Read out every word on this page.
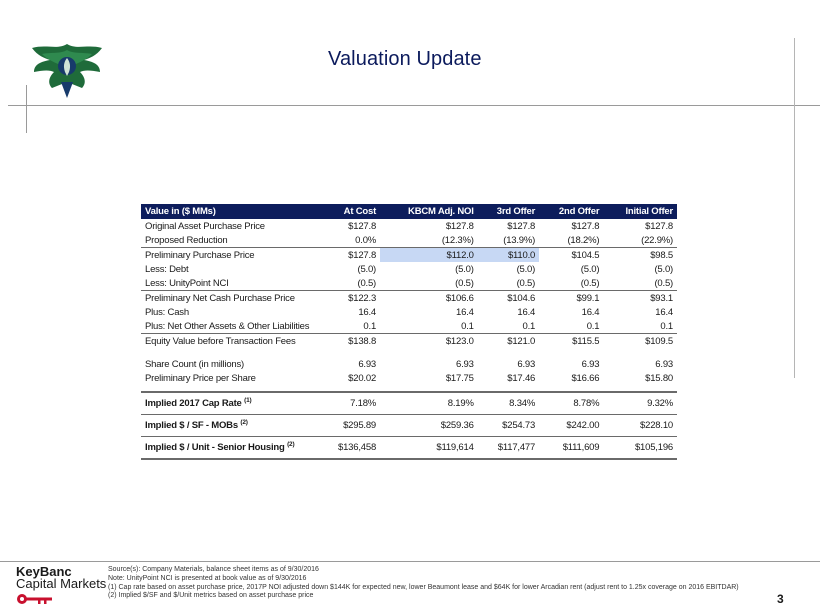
Valuation Update
Value in ($ MMs)	At Cost	KBCM Adj. NOI	3rd Offer	2nd Offer	Initial Offer
Original Asset Purchase Price	$127.8	$127.8	$127.8	$127.8	$127.8
Proposed Reduction	0.0%	(12.3%)	(13.9%)	(18.2%)	(22.9%)
Preliminary Purchase Price	$127.8	$112.0	$110.0	$104.5	$98.5
Less: Debt	(5.0)	(5.0)	(5.0)	(5.0)	(5.0)
Less: UnityPoint NCI	(0.5)	(0.5)	(0.5)	(0.5)	(0.5)
Preliminary Net Cash Purchase Price	$122.3	$106.6	$104.6	$99.1	$93.1
Plus: Cash	16.4	16.4	16.4	16.4	16.4
Plus: Net Other Assets & Other Liabilities	0.1	0.1	0.1	0.1	0.1
Equity Value before Transaction Fees	$138.8	$123.0	$121.0	$115.5	$109.5

Share Count (in millions)	6.93	6.93	6.93	6.93	6.93
Preliminary Price per Share	$20.02	$17.75	$17.46	$16.66	$15.80

Implied 2017 Cap Rate $^{(1)}$	7.18%	8.19%	8.34%	8.78%	9.32%
Implied $ / SF - MOBs $^{(2)}$	$295.89	$259.36	$254.73	$242.00	$228.10
Implied $ / Unit - Senior Housing $^{(2)}$	$136,458	$119,614	$117,477	$111,609	$105,196
KeyBanc
Capital Markets
Source(s): Company Materials, balance sheet items as of 9/30/2016
Note: UnityPoint NCI is presented at book value as of 9/30/2016
(1) Cap rate based on asset purchase price, 2017P NOI adjusted down $144K for expected new, lower Beaumont lease and $64K for lower Arcadian rent (adjust rent to 1.25x coverage on 2016 EBITDAR)
(2) Implied $/SF and $/Unit metrics based on asset purchase price	3
